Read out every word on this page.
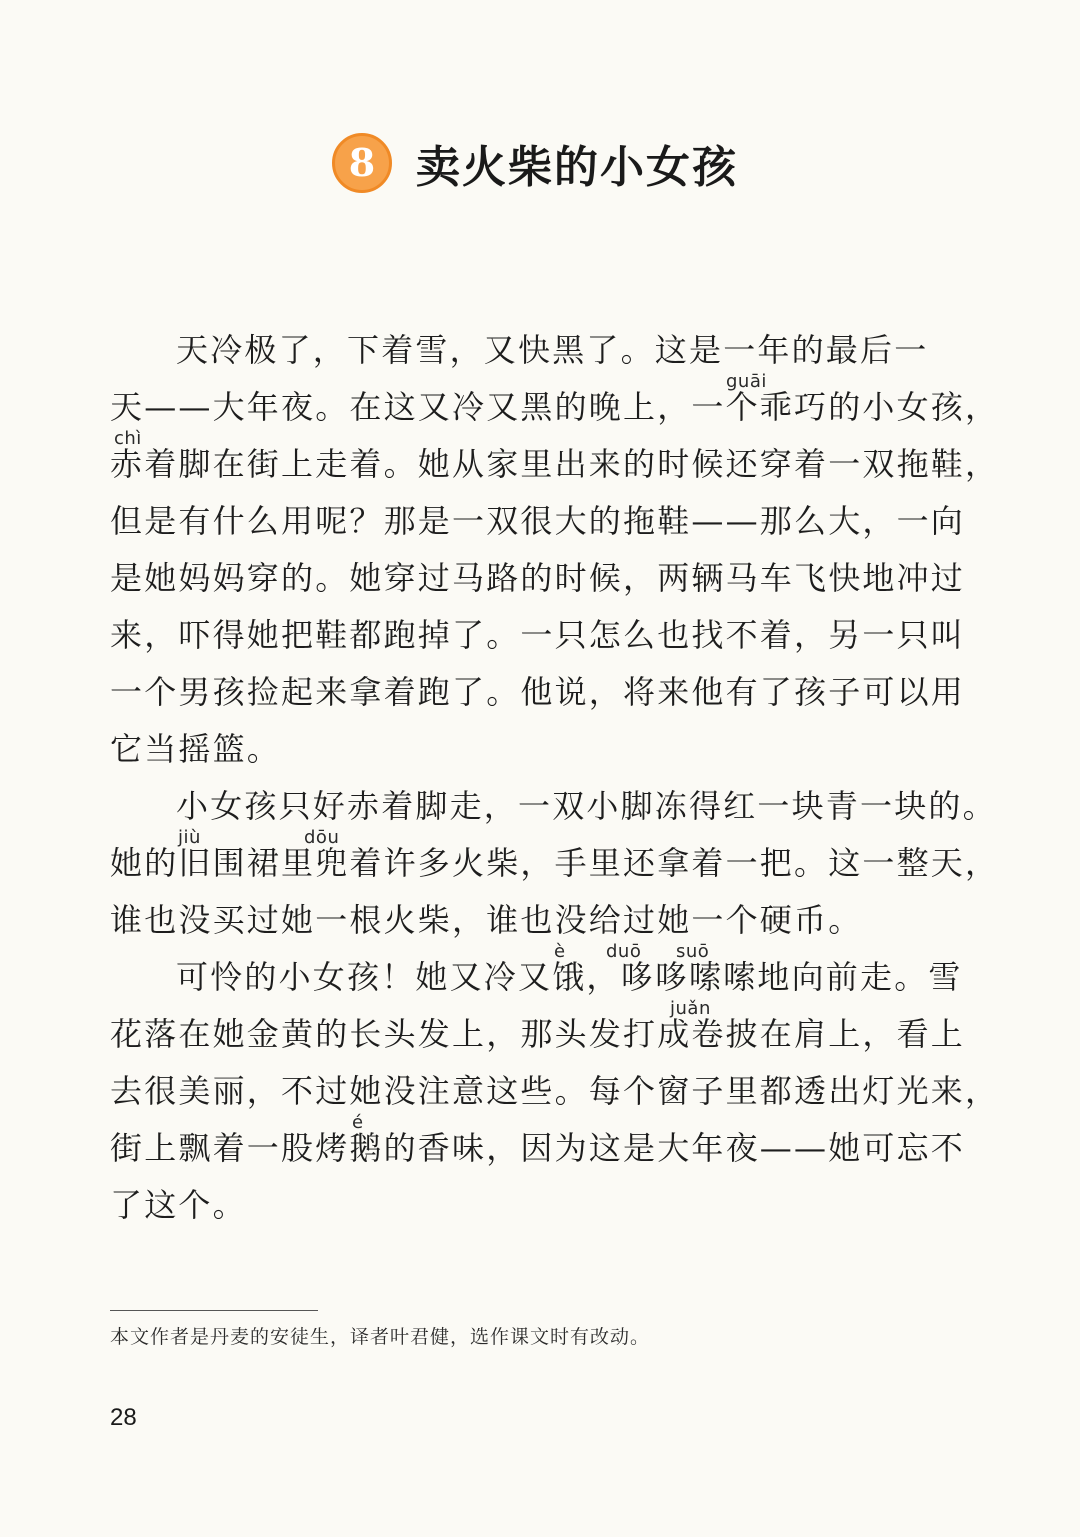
8 卖火柴的小女孩
天冷极了，下着雪，又快黑了。这是一年的最后一
guāi
天——大年夜。在这又冷又黑的晚上，一个乖巧的小女孩，
chì
赤着脚在街上走着。她从家里出来的时候还穿着一双拖鞋，
但是有什么用呢？那是一双很大的拖鞋——那么大，一向
是她妈妈穿的。她穿过马路的时候，两辆马车飞快地冲过
来，吓得她把鞋都跑掉了。一只怎么也找不着，另一只叫
一个男孩捡起来拿着跑了。他说，将来他有了孩子可以用
它当摇篮。
小女孩只好赤着脚走，一双小脚冻得红一块青一块的。
jiù	dōu
她的旧围裙里兜着许多火柴，手里还拿着一把。这一整天，
谁也没买过她一根火柴，谁也没给过她一个硬币。
è duō suō
可怜的小女孩！她又冷又饿，哆哆嗦嗦地向前走。雪
juǎn
花落在她金黄的长头发上，那头发打成卷披在肩上，看上
去很美丽，不过她没注意这些。每个窗子里都透出灯光来，
é
街上飘着一股烤鹅的香味，因为这是大年夜——她可忘不
了这个。

本文作者是丹麦的安徒生，译者叶君健，选作课文时有改动。

28
